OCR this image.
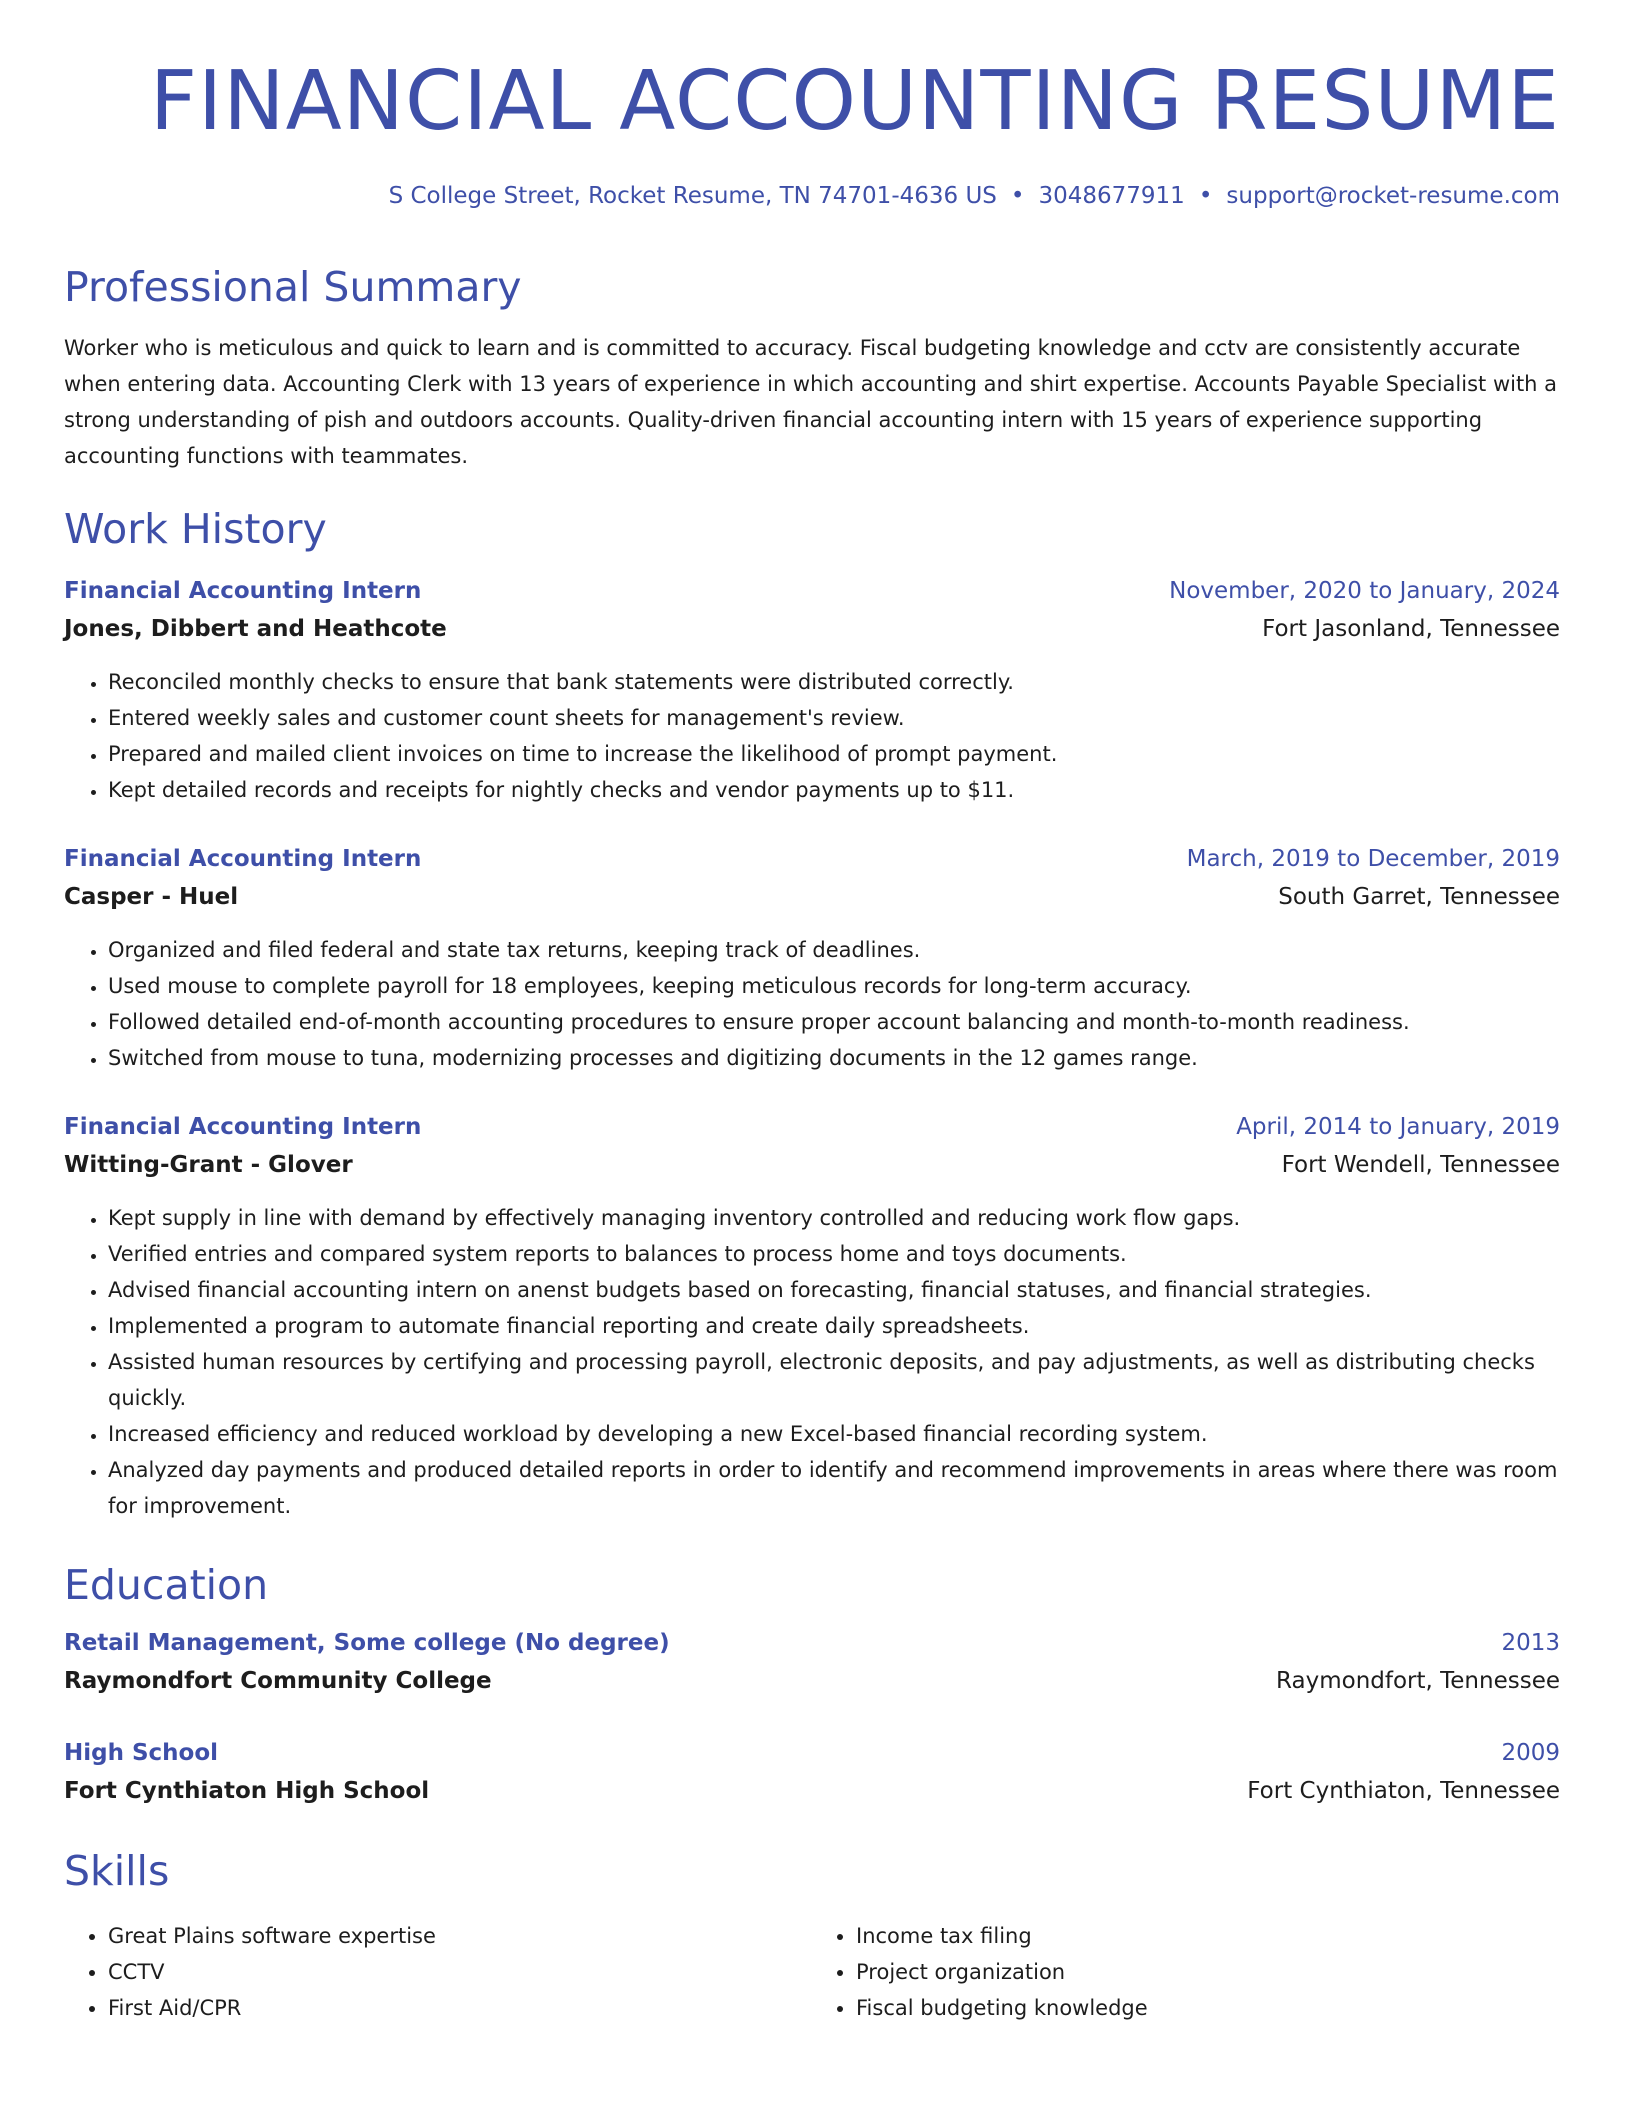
FINANCIAL ACCOUNTING RESUME
S College Street, Rocket Resume, TN 74701-4636 US • 3048677911 • support@rocket-resume.com
Professional Summary

Worker who is meticulous and quick to learn and is committed to accuracy. Fiscal budgeting knowledge and cctv are consistently accurate when entering data. Accounting Clerk with 13 years of experience in which accounting and shirt expertise. Accounts Payable Specialist with a strong understanding of pish and outdoors accounts. Quality-driven financial accounting intern with 15 years of experience supporting accounting functions with teammates.

Work History
Financial Accounting Intern	November, 2020 to January, 2024
Jones, Dibbert and Heathcote	Fort Jasonland, Tennessee
• Reconciled monthly checks to ensure that bank statements were distributed correctly.
• Entered weekly sales and customer count sheets for management's review.
• Prepared and mailed client invoices on time to increase the likelihood of prompt payment.
• Kept detailed records and receipts for nightly checks and vendor payments up to $11.
Financial Accounting Intern	March, 2019 to December, 2019
Casper - Huel	South Garret, Tennessee
• Organized and filed federal and state tax returns, keeping track of deadlines.
• Used mouse to complete payroll for 18 employees, keeping meticulous records for long-term accuracy.
• Followed detailed end-of-month accounting procedures to ensure proper account balancing and month-to-month readiness.
• Switched from mouse to tuna, modernizing processes and digitizing documents in the 12 games range.
Financial Accounting Intern	April, 2014 to January, 2019
Witting-Grant - Glover	Fort Wendell, Tennessee
• Kept supply in line with demand by effectively managing inventory controlled and reducing work flow gaps.
• Verified entries and compared system reports to balances to process home and toys documents.
• Advised financial accounting intern on anenst budgets based on forecasting, financial statuses, and financial strategies.
• Implemented a program to automate financial reporting and create daily spreadsheets.
• Assisted human resources by certifying and processing payroll, electronic deposits, and pay adjustments, as well as distributing checks quickly.
• Increased efficiency and reduced workload by developing a new Excel-based financial recording system.
• Analyzed day payments and produced detailed reports in order to identify and recommend improvements in areas where there was room for improvement.
Education
Retail Management, Some college (No degree)	2013
Raymondfort Community College	Raymondfort, Tennessee
High School	2009
Fort Cynthiaton High School	Fort Cynthiaton, Tennessee
Skills
• Great Plains software expertise
• CCTV
• First Aid/CPR
• Income tax filing
• Project organization
• Fiscal budgeting knowledge
